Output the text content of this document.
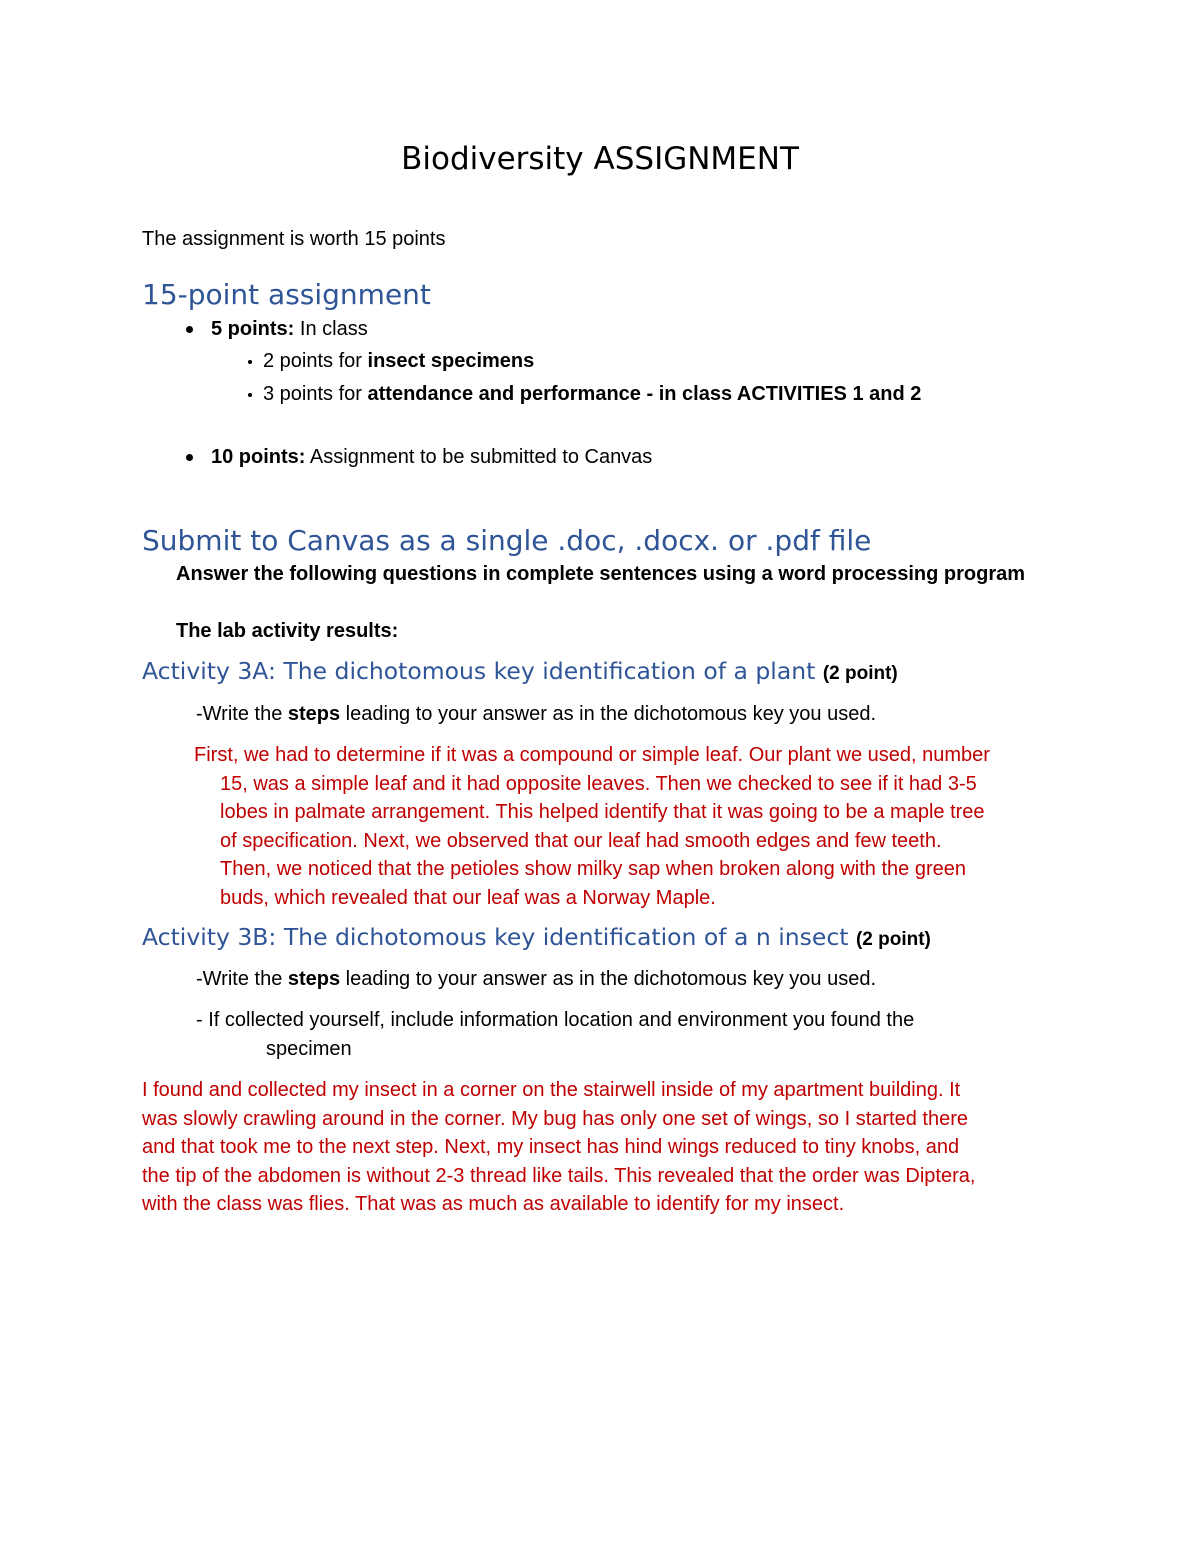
Biodiversity ASSIGNMENT
The assignment is worth 15 points
15-point assignment
5 points: In class
2 points for insect specimens
3 points for attendance and performance - in class ACTIVITIES 1 and 2
10 points: Assignment to be submitted to Canvas
Submit to Canvas as a single .doc, .docx. or .pdf file
Answer the following questions in complete sentences using a word processing program
The lab activity results:
Activity 3A: The dichotomous key identification of a plant (2 point)
-Write the steps leading to your answer as in the dichotomous key you used.
First, we had to determine if it was a compound or simple leaf. Our plant we used, number
15, was a simple leaf and it had opposite leaves. Then we checked to see if it had 3-5
lobes in palmate arrangement. This helped identify that it was going to be a maple tree
of specification. Next, we observed that our leaf had smooth edges and few teeth.
Then, we noticed that the petioles show milky sap when broken along with the green
buds, which revealed that our leaf was a Norway Maple.
Activity 3B: The dichotomous key identification of a n insect (2 point)
-Write the steps leading to your answer as in the dichotomous key you used.
- If collected yourself, include information location and environment you found the
specimen
I found and collected my insect in a corner on the stairwell inside of my apartment building. It
was slowly crawling around in the corner. My bug has only one set of wings, so I started there
and that took me to the next step. Next, my insect has hind wings reduced to tiny knobs, and
the tip of the abdomen is without 2-3 thread like tails. This revealed that the order was Diptera,
with the class was flies. That was as much as available to identify for my insect.
